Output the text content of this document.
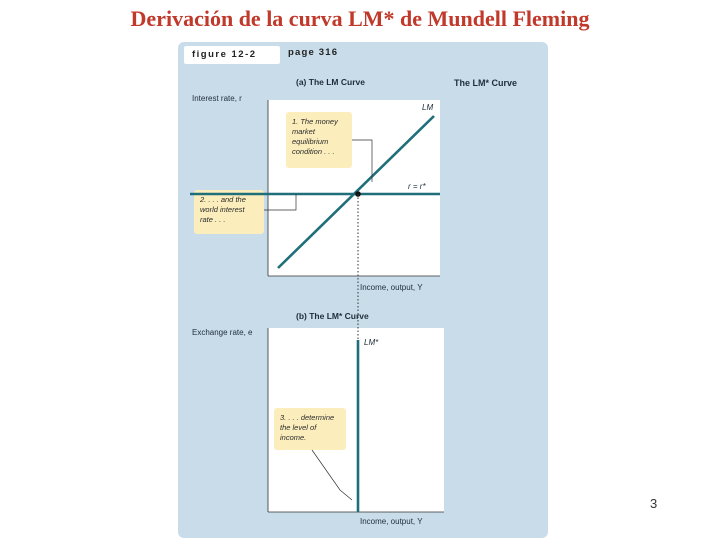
Derivación de la curva LM* de Mundell Fleming
figure 12-2	page 316
The LM* Curve
(a) The LM Curve
Interest rate, r
Income, output, Y
LM
r = r*
1. The money market equilibrium condition . . .
2. . . . and the world interest rate . . .
(b) The LM* Curve
Exchange rate, e
Income, output, Y
LM*
3. . . . determine the level of income.
3
